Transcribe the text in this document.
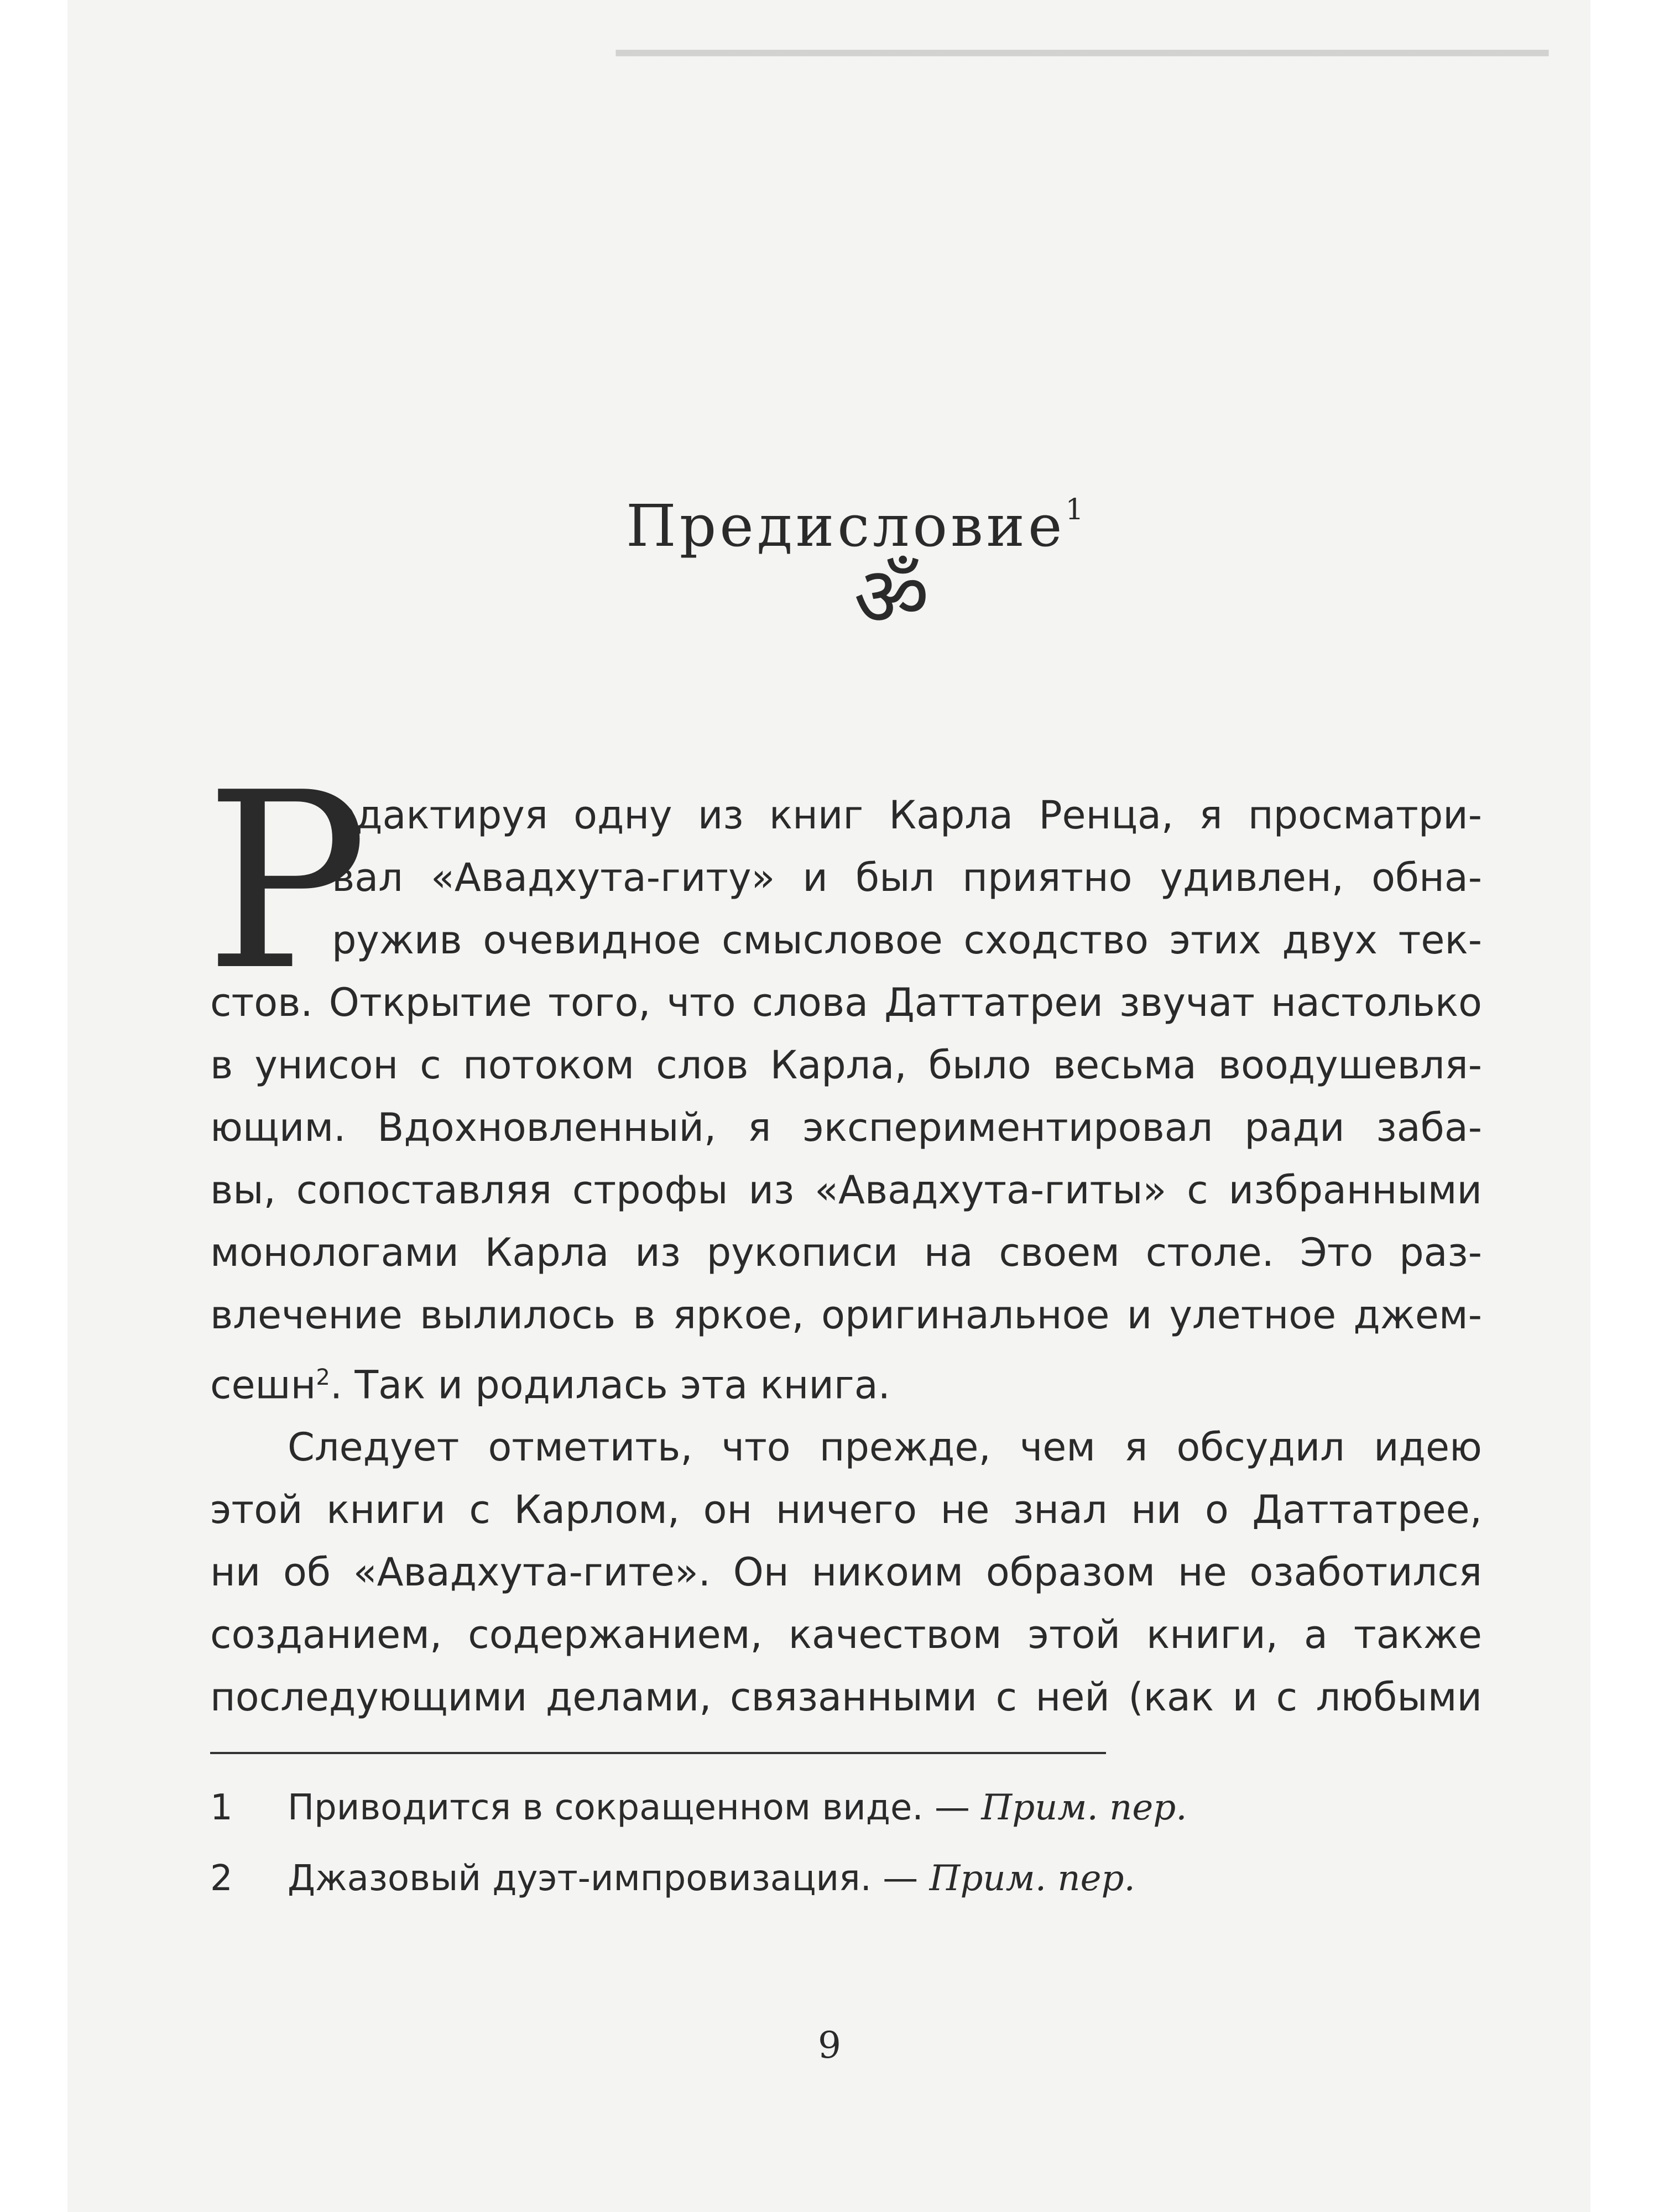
━━━━━━━━━━━━━━━━━━━━━━━━━━━━━━━━━━━━━━━━
Предисловие$^1$
ॐ
Р
едактируя одну из книг Карла Ренца, я просматри-
вал «Авадхута-гиту» и был приятно удивлен, обна-
ружив очевидное смысловое сходство этих двух тек-
стов. Открытие того, что слова Даттатреи звучат настолько
в унисон с потоком слов Карла, было весьма воодушевля-
ющим. Вдохновленный, я экспериментировал ради заба-
вы, сопоставляя строфы из «Авадхута-гиты» с избранными
монологами Карла из рукописи на своем столе. Это раз-
влечение вылилось в яркое, оригинальное и улетное джем-
сешн$^2$. Так и родилась эта книга.
Следует отметить, что прежде, чем я обсудил идею
этой книги с Карлом, он ничего не знал ни о Даттатрее,
ни об «Авадхута-гите». Он никоим образом не озаботился
созданием, содержанием, качеством этой книги, а также
последующими делами, связанными с ней (как и с любыми
1 Приводится в сокращенном виде. — Прим. пер.
2 Джазовый дуэт-импровизация. — Прим. пер.
9
